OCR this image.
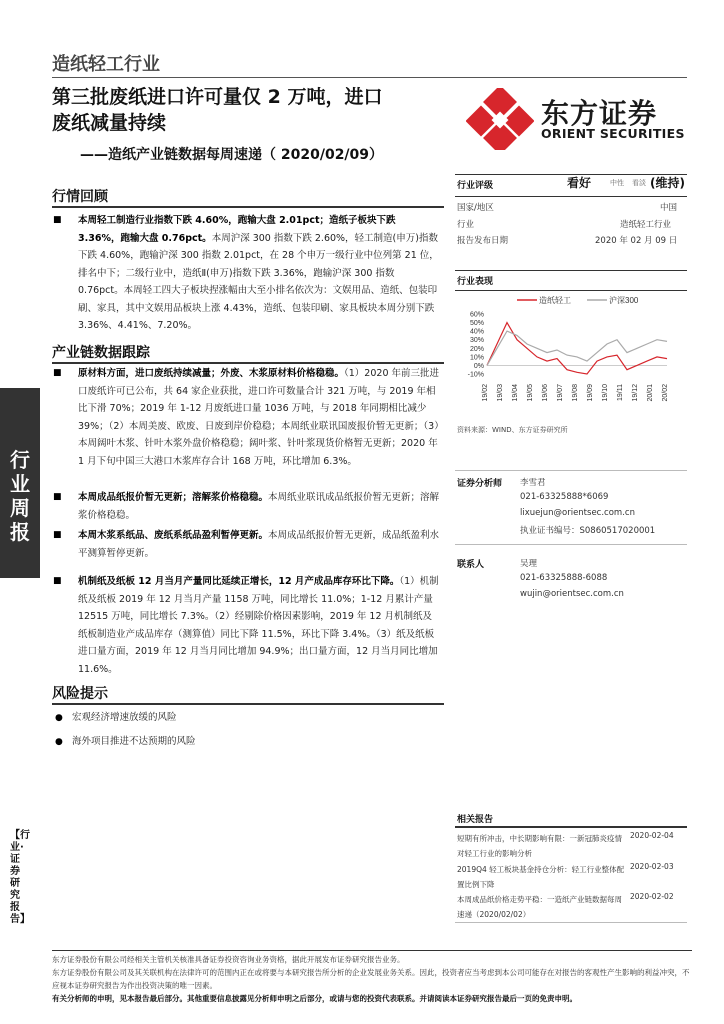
造纸轻工行业
第三批废纸进口许可量仅 2 万吨，进口
废纸减量持续
——造纸产业链数据每周速递（ 2020/02/09）
东方证券
ORIENT SECURITIES
行情回顾
■ 本周轻工制造行业指数下跌 4.60%，跑输大盘 2.01pct；造纸子板块下跌 3.36%，跑输大盘 0.76pct。本周沪深 300 指数下跌 2.60%，轻工制造(申万)指数下跌 4.60%，跑输沪深 300 指数 2.01pct，在 28 个申万一级行业中位列第 21 位，排名中下；二级行业中，造纸Ⅱ(申万)指数下跌 3.36%，跑输沪深 300 指数 0.76pct。本周轻工四大子板块捏涨幅由大至小排名依次为：文娱用品、造纸、包装印刷、家具，其中文娱用品板块上涨 4.43%，造纸、包装印刷、家具板块本周分别下跌 3.36%、4.41%、7.20%。
产业链数据跟踪
■ 原材料方面，进口废纸持续减量；外废、木浆原材料价格稳稳。（1）2020 年前三批进口废纸许可已公布，共 64 家企业获批，进口许可数量合计 321 万吨，与 2019 年相比下滑 70%；2019 年 1-12 月废纸进口量 1036 万吨，与 2018 年同期相比减少 39%；（2）本周美废、欧废、日废到岸价稳稳；本周纸业联讯国废报价暂无更新；（3）本周阔叶木浆、针叶木浆外盘价格稳稳；阔叶浆、针叶浆现货价格暂无更新；2020 年 1 月下旬中国三大港口木浆库存合计 168 万吨，环比增加 6.3%。
■ 本周成品纸报价暂无更新；溶解浆价格稳稳。本周纸业联讯成品纸报价暂无更新；溶解浆价格稳稳。
■ 本周木浆系纸品、废纸系纸品盈利暂停更新。本周成品纸报价暂无更新，成品纸盈利水平测算暂停更新。
■ 机制纸及纸板 12 月当月产量同比延续正增长，12 月产成品库存环比下降。（1）机制纸及纸板 2019 年 12 月当月产量 1158 万吨，同比增长 11.0%；1-12 月累计产量 12515 万吨，同比增长 7.3%。（2）经剔除价格因素影响，2019 年 12 月机制纸及纸板制造业产成品库存（测算值）同比下降 11.5%，环比下降 3.4%。（3）纸及纸板进口量方面，2019 年 12 月当月同比增加 94.9%；出口量方面，12 月当月同比增加 11.6%。
风险提示
● 宏观经济增速放缓的风险
● 海外项目推进不达预期的风险
行业周报
【行业·证券研究报告】
行业评级	看好	中性 看淡 (维持)
国家/地区	中国
行业	造纸轻工行业
报告发布日期	2020 年 02 月 09 日
行业表现
造纸轻工	沪深300
60%
50%
40%
30%
20%
10%
0%
-10%
19/02 19/03 19/04 19/05 19/06 19/07 19/08 19/09 19/10 19/11 19/12 20/01 20/02
资料来源：WIND、东方证券研究所
证券分析师 李雪君
021-63325888*6069
lixuejun@orientsec.com.cn
执业证书编号：S0860517020001
联系人	吴理
021-63325888-6088
wujin@orientsec.com.cn
相关报告
短期有所冲击，中长期影响有限：一新冠肺炎疫情对轻工行业的影响分析
2020-02-04
2019Q4 轻工板块基金持仓分析：轻工行业整体配置比例下降
2020-02-03
本周成品纸价格走势平稳：一造纸产业链数据每周速递（2020/02/02）
2020-02-02
东方证券股份有限公司经相关主管机关核准具备证券投资咨询业务资格，据此开展发布证券研究报告业务。
东方证券股份有限公司及其关联机构在法律许可的范围内正在或将要与本研究报告所分析的企业发展业务关系。因此，投资者应当考虑到本公司可能存在对报告的客观性产生影响的利益冲突，不应视本证券研究报告为作出投资决策的唯一因素。
有关分析师的申明，见本报告最后部分。其他重要信息披露见分析师申明之后部分，或请与您的投资代表联系。并请阅读本证券研究报告最后一页的免责申明。
